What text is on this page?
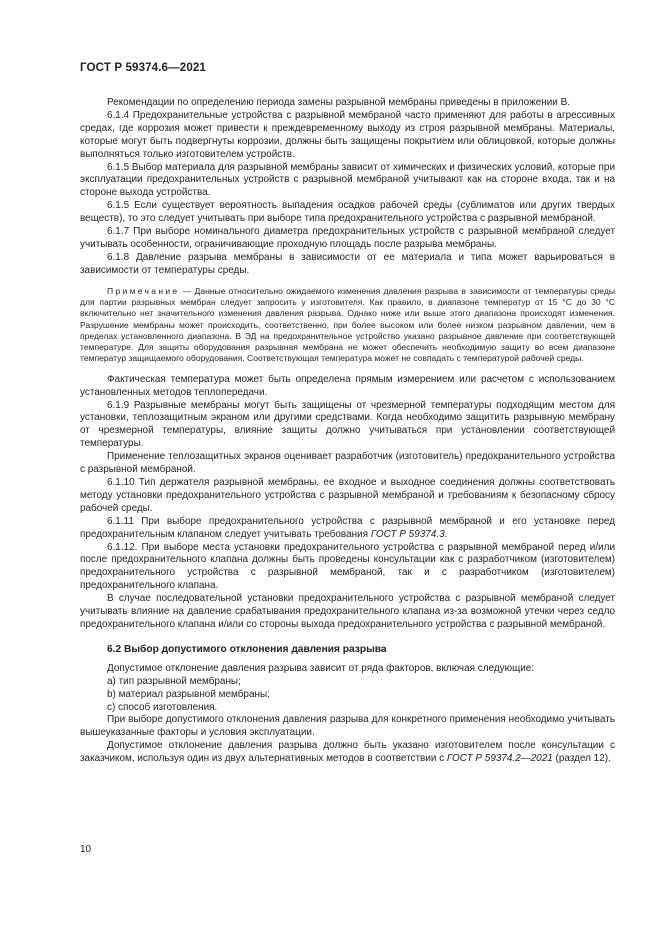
ГОСТ Р 59374.6—2021

Рекомендации по определению периода замены разрывной мембраны приведены в приложении В.

6.1.4 Предохранительные устройства с разрывной мембраной часто применяют для работы в агрессивных средах, где коррозия может привести к преждевременному выходу из строя разрывной мембраны. Материалы, которые могут быть подвергнуты коррозии, должны быть защищены покрытием или облицовкой, которые должны выполняться только изготовителем устройств.

6.1.5 Выбор материала для разрывной мембраны зависит от химических и физических условий, которые при эксплуатации предохранительных устройств с разрывной мембраной учитывают как на стороне входа, так и на стороне выхода устройства.

6.1.5 Если существует вероятность выпадения осадков рабочей среды (сублиматов или других твердых веществ), то это следует учитывать при выборе типа предохранительного устройства с разрывной мембраной.

6.1.7 При выборе номинального диаметра предохранительных устройств с разрывной мембраной следует учитывать особенности, ограничивающие проходную площадь после разрыва мембраны.

6.1.8 Давление разрыва мембраны в зависимости от ее материала и типа может варьироваться в зависимости от температуры среды.

Примечание — Данные относительно ожидаемого изменения давления разрыва в зависимости от температуры среды для партии разрывных мембран следует запросить у изготовителя. Как правило, в диапазоне температур от 15 °C до 30 °C включительно нет значительного изменения давления разрыва. Однако ниже или выше этого диапазона происходят изменения. Разрушение мембраны может происходить, соответственно, при более высоком или более низком разрывном давлении, чем в пределах установленного диапазона. В ЭД на предохранительное устройство указано разрывное давление при соответствующей температуре. Для защиты оборудования разрывная мембрана не может обеспечить необходимую защиту во всем диапазоне температур защищаемого оборудования. Соответствующая температура может не совпадать с температурой рабочей среды.

Фактическая температура может быть определена прямым измерением или расчетом с использованием установленных методов теплопередачи.

6.1.9 Разрывные мембраны могут быть защищены от чрезмерной температуры подходящим местом для установки, теплозащитным экраном или другими средствами. Когда необходимо защитить разрывную мембрану от чрезмерной температуры, влияние защиты должно учитываться при установлении соответствующей температуры.

Применение теплозащитных экранов оценивает разработчик (изготовитель) предохранительного устройства с разрывной мембраной.

6.1.10 Тип держателя разрывной мембраны, ее входное и выходное соединения должны соответствовать методу установки предохранительного устройства с разрывной мембраной и требованиям к безопасному сбросу рабочей среды.

6.1.11 При выборе предохранительного устройства с разрывной мембраной и его установке перед предохранительным клапаном следует учитывать требования ГОСТ Р 59374.3.

6.1.12. При выборе места установки предохранительного устройства с разрывной мембраной перед и/или после предохранительного клапана должны быть проведены консультации как с разработчиком (изготовителем) предохранительного устройства с разрывной мембраной, так и с разработчиком (изготовителем) предохранительного клапана.

В случае последовательной установки предохранительного устройства с разрывной мембраной следует учитывать влияние на давление срабатывания предохранительного клапана из-за возможной утечки через седло предохранительного клапана и/или со стороны выхода предохранительного устройства с разрывной мембраной.

6.2 Выбор допустимого отклонения давления разрыва

Допустимое отклонение давления разрыва зависит от ряда факторов, включая следующие:

a) тип разрывной мембраны;

b) материал разрывной мембраны;

c) способ изготовления.

При выборе допустимого отклонения давления разрыва для конкретного применения необходимо учитывать вышеуказанные факторы и условия эксплуатации.

Допустимое отклонение давления разрыва должно быть указано изготовителем после консультации с заказчиком, используя один из двух альтернативных методов в соответствии с ГОСТ Р 59374.2—2021 (раздел 12).

10
